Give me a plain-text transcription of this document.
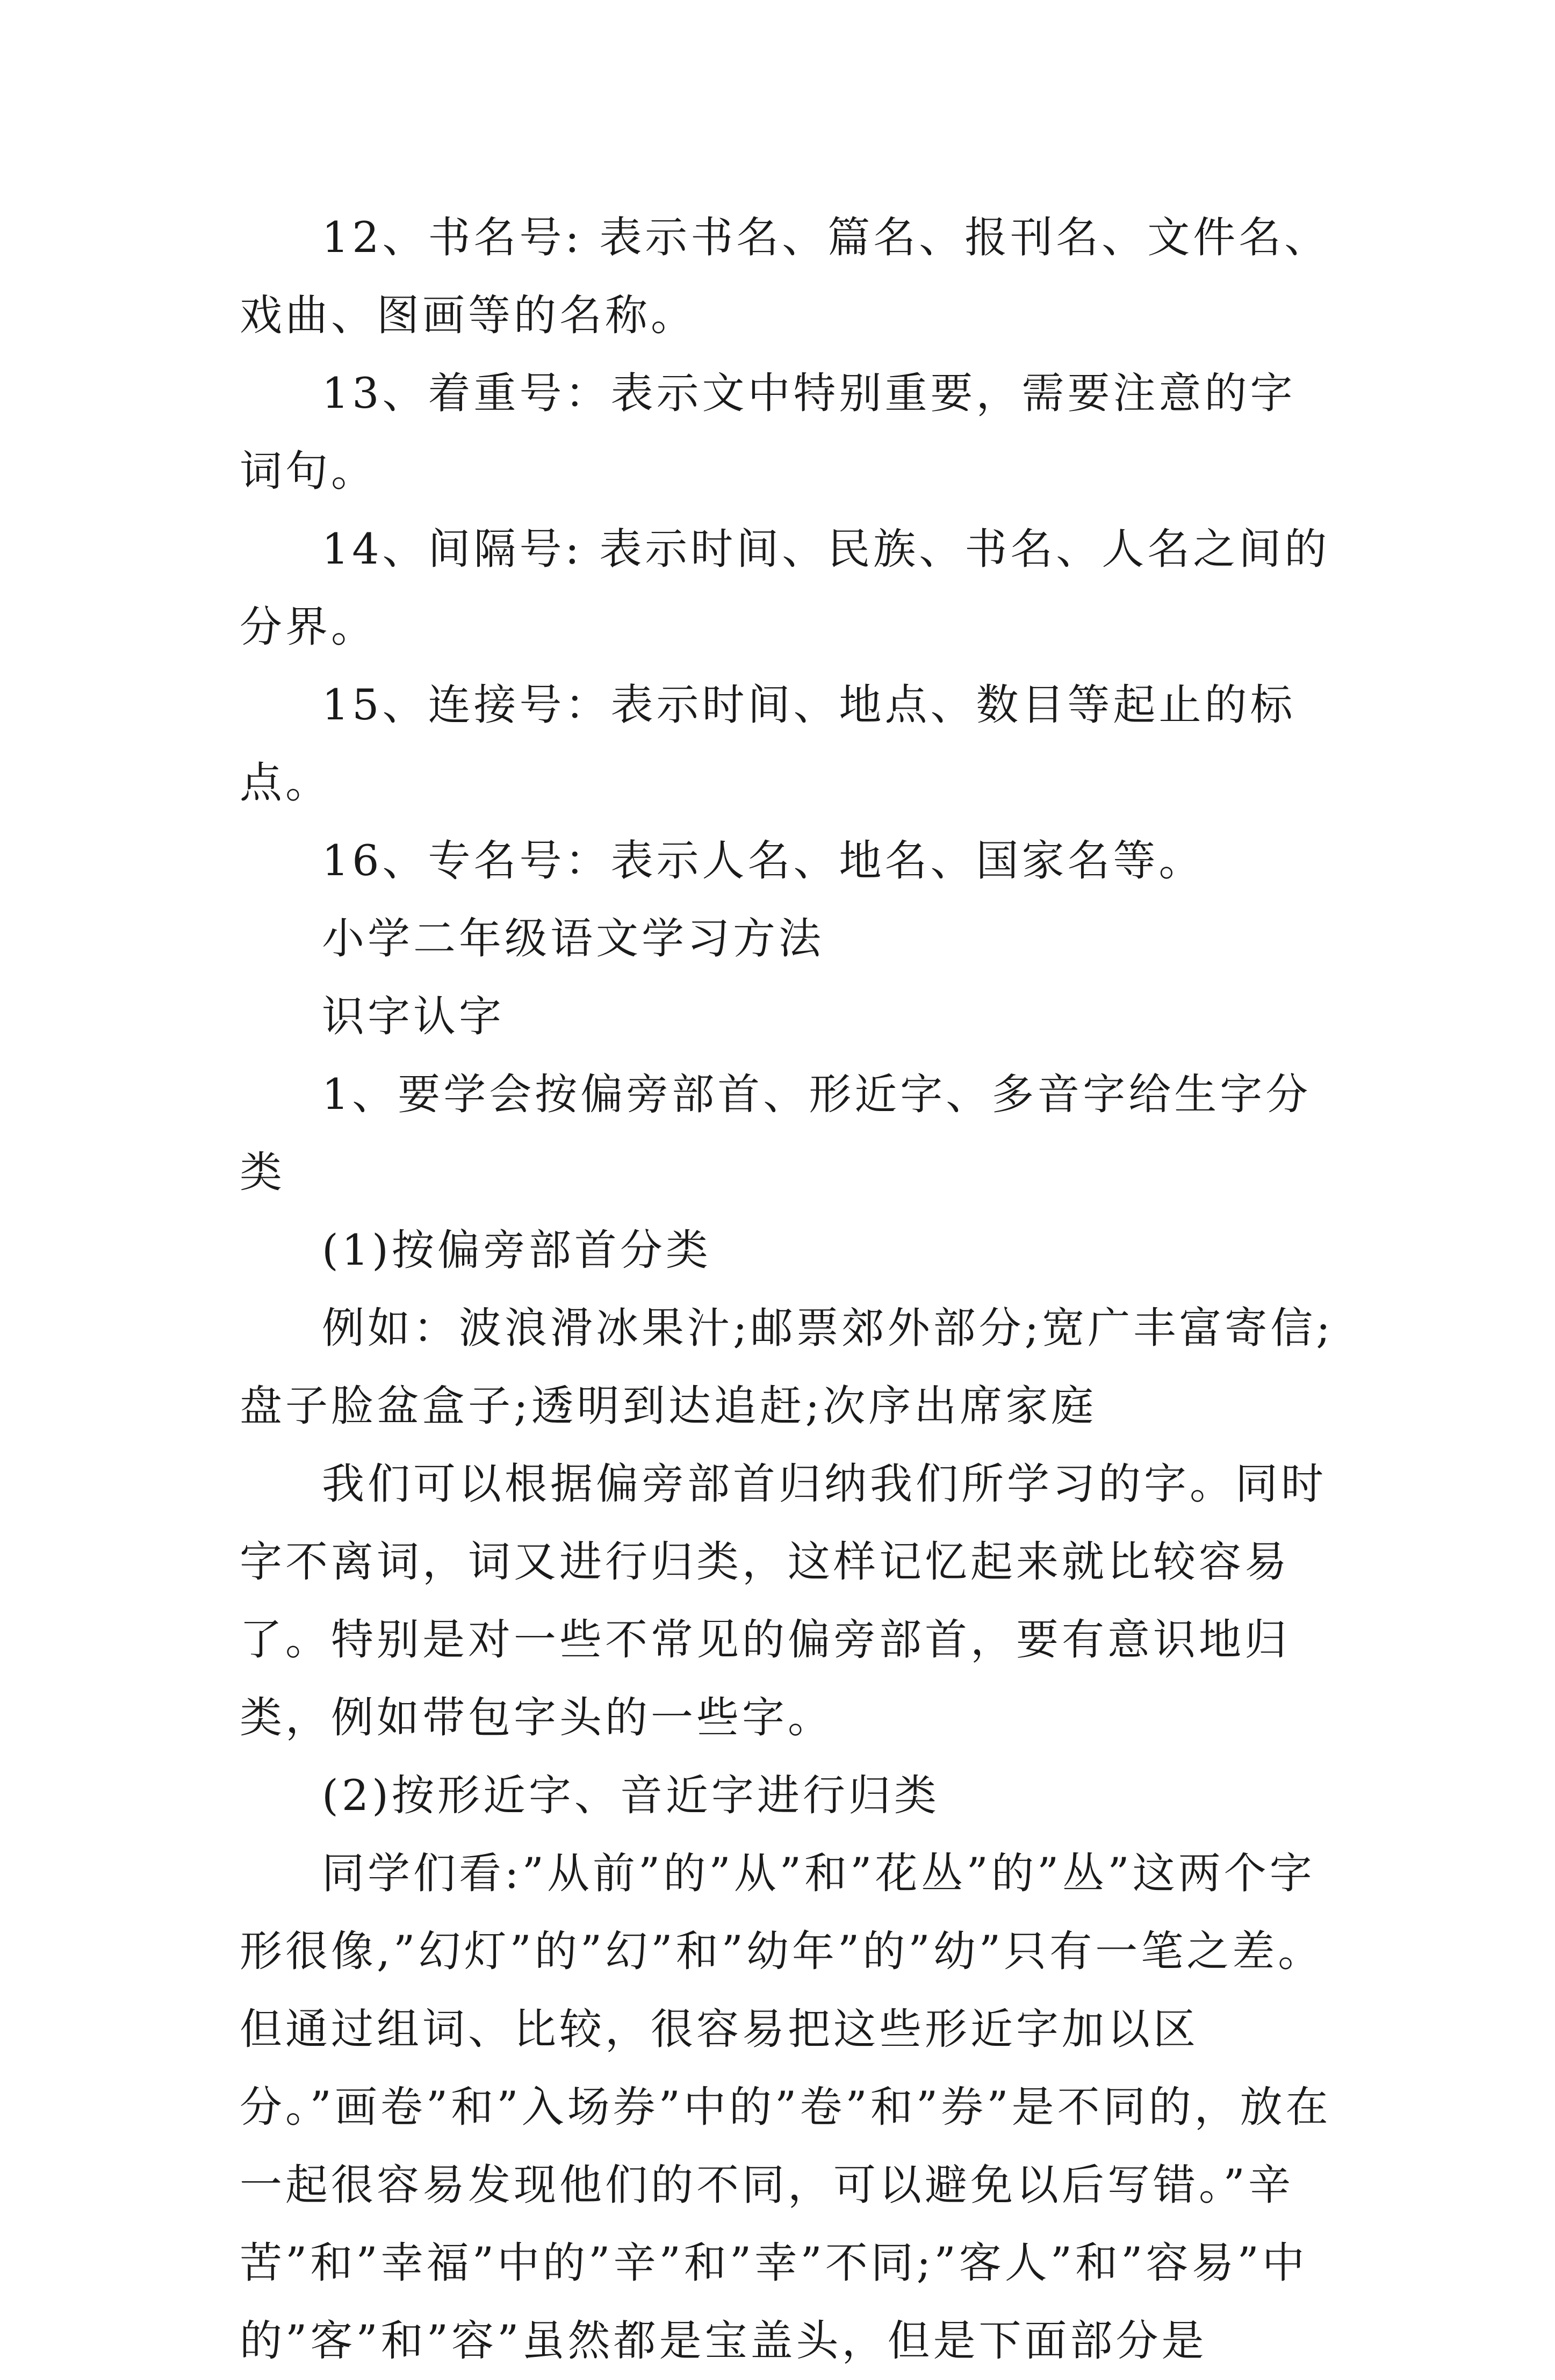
12、书名号: 表示书名、篇名、报刊名、文件名、戏曲、图画等的名称。

13、着重号：表示文中特别重要，需要注意的字词句。

14、间隔号: 表示时间、民族、书名、人名之间的分界。

15、连接号：表示时间、地点、数目等起止的标点。

16、专名号：表示人名、地名、国家名等。

小学二年级语文学习方法

识字认字

1、要学会按偏旁部首、形近字、多音字给生字分类

(1)按偏旁部首分类

例如：波浪滑冰果汁;邮票郊外部分;宽广丰富寄信;盘子脸盆盒子;透明到达追赶;次序出席家庭

我们可以根据偏旁部首归纳我们所学习的字。同时字不离词，词又进行归类，这样记忆起来就比较容易了。特别是对一些不常见的偏旁部首，要有意识地归类，例如带包字头的一些字。

(2)按形近字、音近字进行归类

同学们看:”从前”的”从”和”花丛”的”丛”这两个字形很像,”幻灯”的”幻”和”幼年”的”幼”只有一笔之差。但通过组词、比较，很容易把这些形近字加以区分。”画卷”和”入场券”中的”卷”和”券”是不同的，放在一起很容易发现他们的不同，可以避免以后写错。”辛苦”和”幸福”中的”辛”和”幸”不同;”客人”和”容易”中的”客”和”容”虽然都是宝盖头，但是下面部分是
